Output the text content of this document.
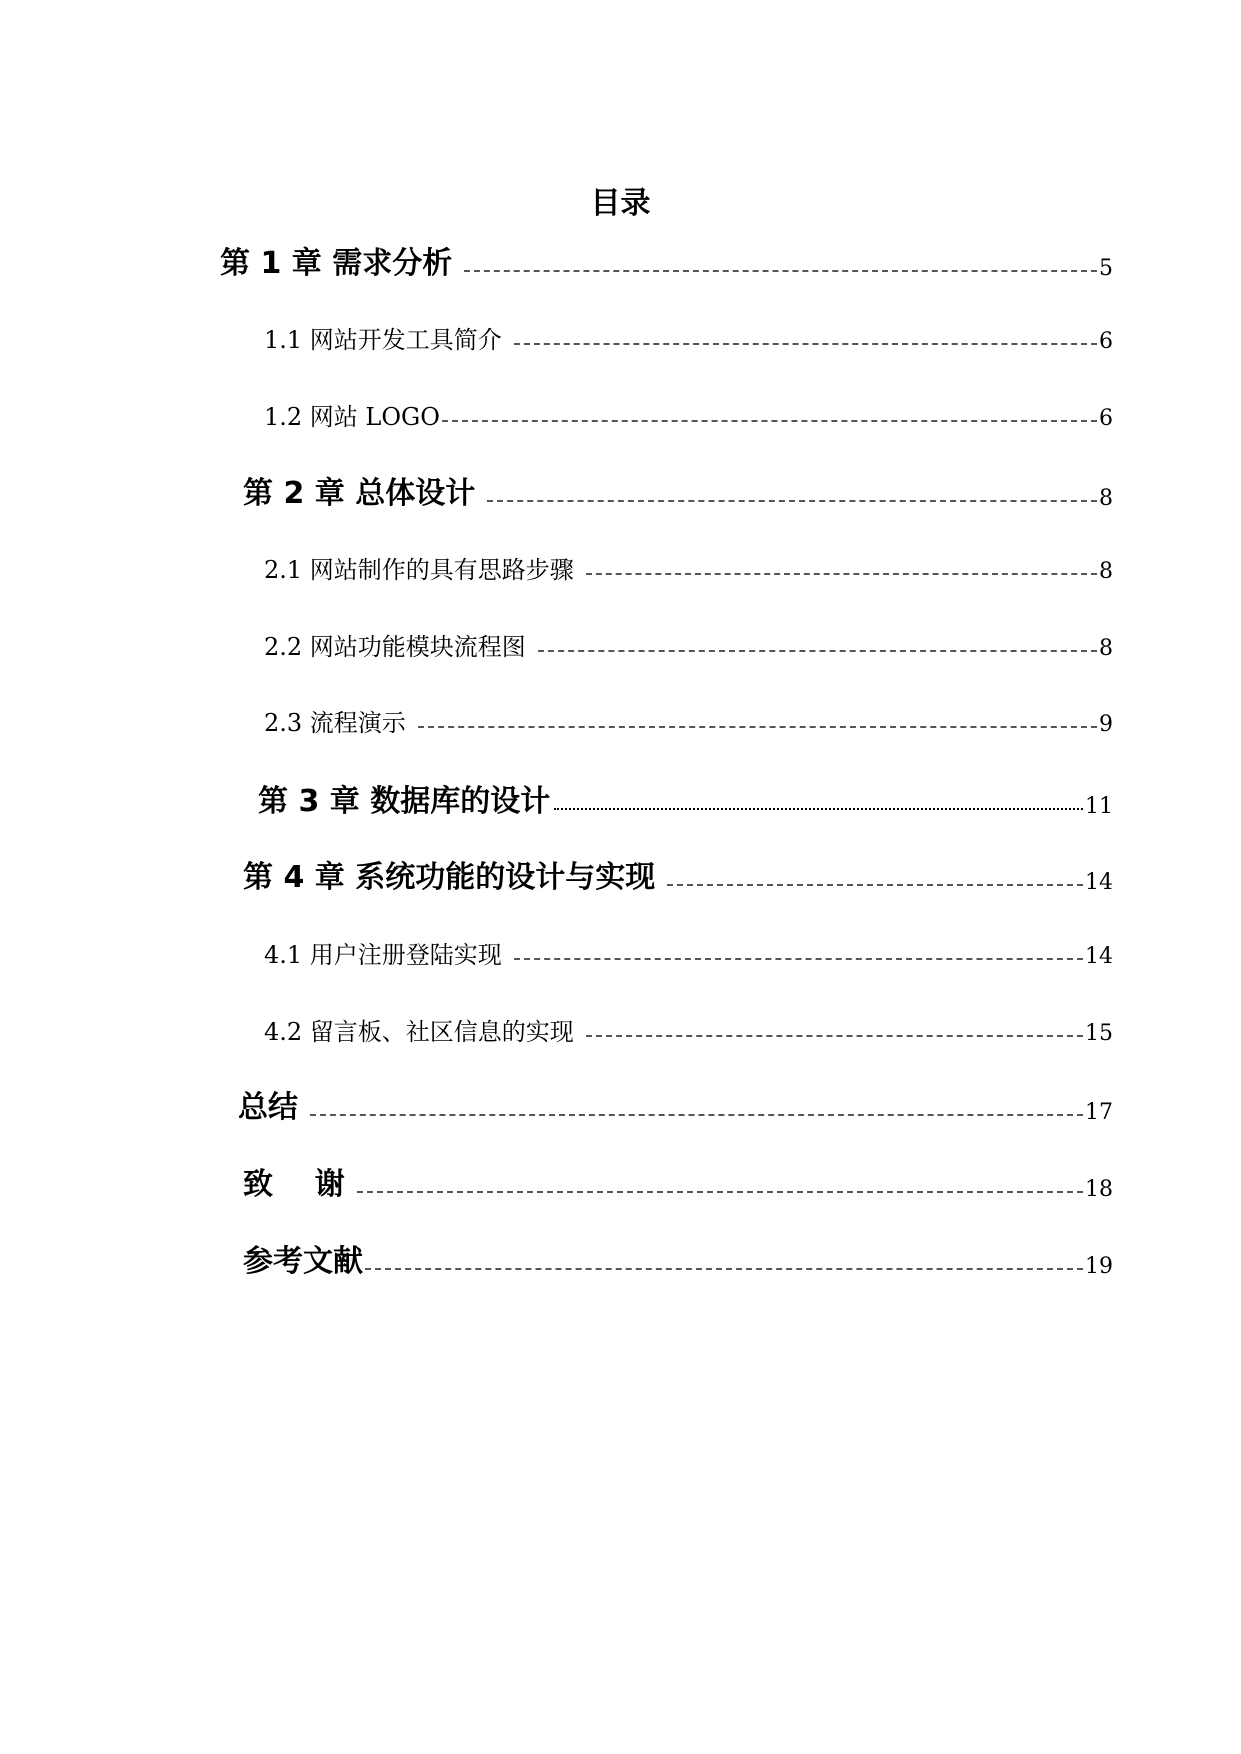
目录
第 1 章 需求分析	5
1.1 网站开发工具简介	6
1.2 网站 LOGO	6
第 2 章 总体设计	8
2.1 网站制作的具有思路步骤	8
2.2 网站功能模块流程图	8
2.3 流程演示	9
第 3 章 数据库的设计	11
第 4 章 系统功能的设计与实现	14
4.1 用户注册登陆实现	14
4.2 留言板、社区信息的实现	15
总结	17
致    谢	18
参考文献	19
